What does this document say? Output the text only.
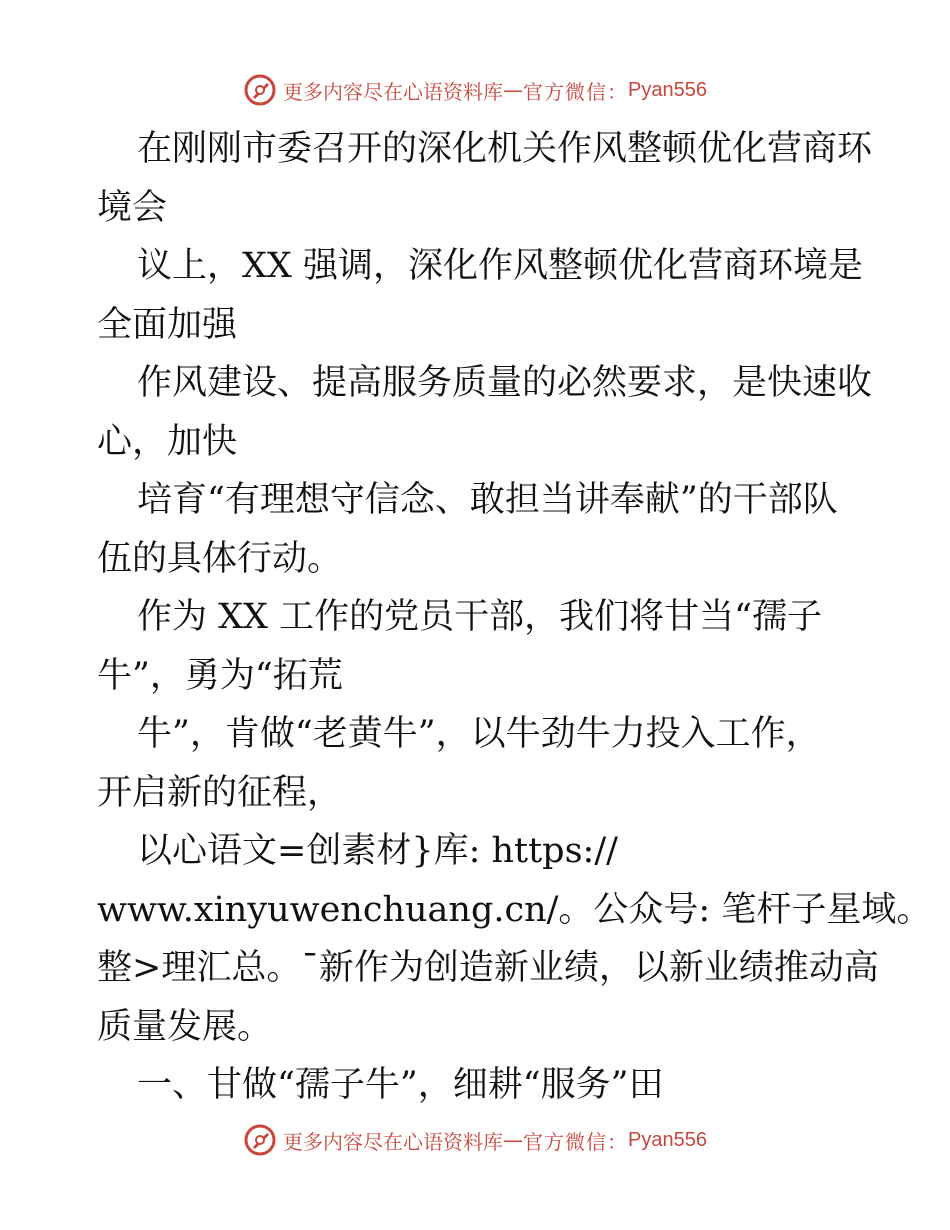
更多内容尽在心语资料库 — 官方微信： Pyan556
在刚刚市委召开的深化机关作风整顿优化营商环
境会
议上，XX 强调，深化作风整顿优化营商环境是
全面加强
作风建设、提高服务质量的必然要求，是快速收
心，加快
培育“有理想守信念、敢担当讲奉献”的干部队
伍的具体行动。
作为 XX 工作的党员干部，我们将甘当“孺子
牛”，勇为“拓荒
牛”，肯做“老黄牛”，以牛劲牛力投入工作，
开启新的征程，
以心语文=创素材}库: https://
www.xinyuwenchuang.cn/。公众号: 笔杆子星域。
整>理汇总。¯新作为创造新业绩，以新业绩推动高
质量发展。
一、甘做“孺子牛”，细耕“服务”田
更多内容尽在心语资料库 — 官方微信： Pyan556
